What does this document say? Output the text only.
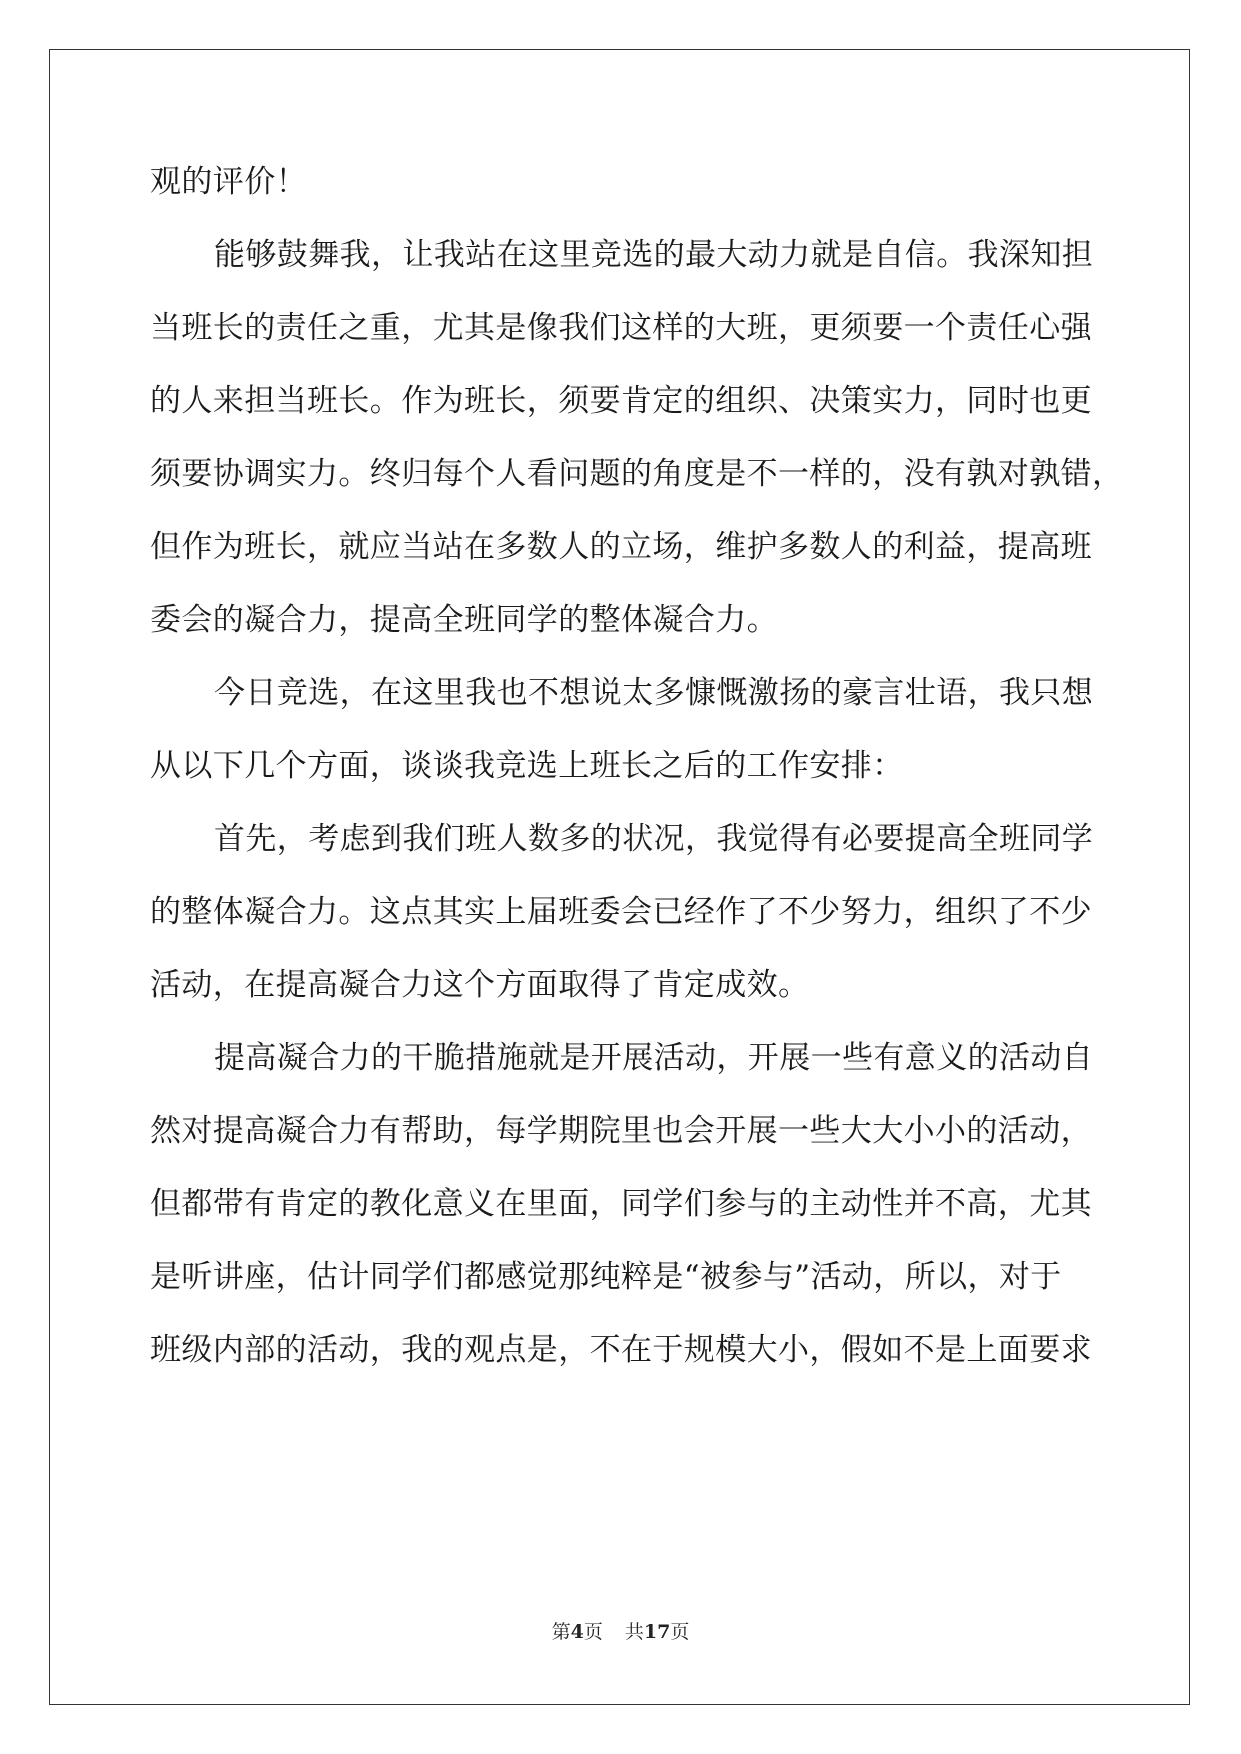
观的评价！
能够鼓舞我，让我站在这里竞选的最大动力就是自信。我深知担
当班长的责任之重，尤其是像我们这样的大班，更须要一个责任心强
的人来担当班长。作为班长，须要肯定的组织、决策实力，同时也更
须要协调实力。终归每个人看问题的角度是不一样的，没有孰对孰错，
但作为班长，就应当站在多数人的立场，维护多数人的利益，提高班
委会的凝合力，提高全班同学的整体凝合力。
今日竞选，在这里我也不想说太多慷慨激扬的豪言壮语，我只想
从以下几个方面，谈谈我竞选上班长之后的工作安排：
首先，考虑到我们班人数多的状况，我觉得有必要提高全班同学
的整体凝合力。这点其实上届班委会已经作了不少努力，组织了不少
活动，在提高凝合力这个方面取得了肯定成效。
提高凝合力的干脆措施就是开展活动，开展一些有意义的活动自
然对提高凝合力有帮助，每学期院里也会开展一些大大小小的活动，
但都带有肯定的教化意义在里面，同学们参与的主动性并不高，尤其
是听讲座，估计同学们都感觉那纯粹是“被参与”活动，所以，对于
班级内部的活动，我的观点是，不在于规模大小，假如不是上面要求
第4页 共17页
